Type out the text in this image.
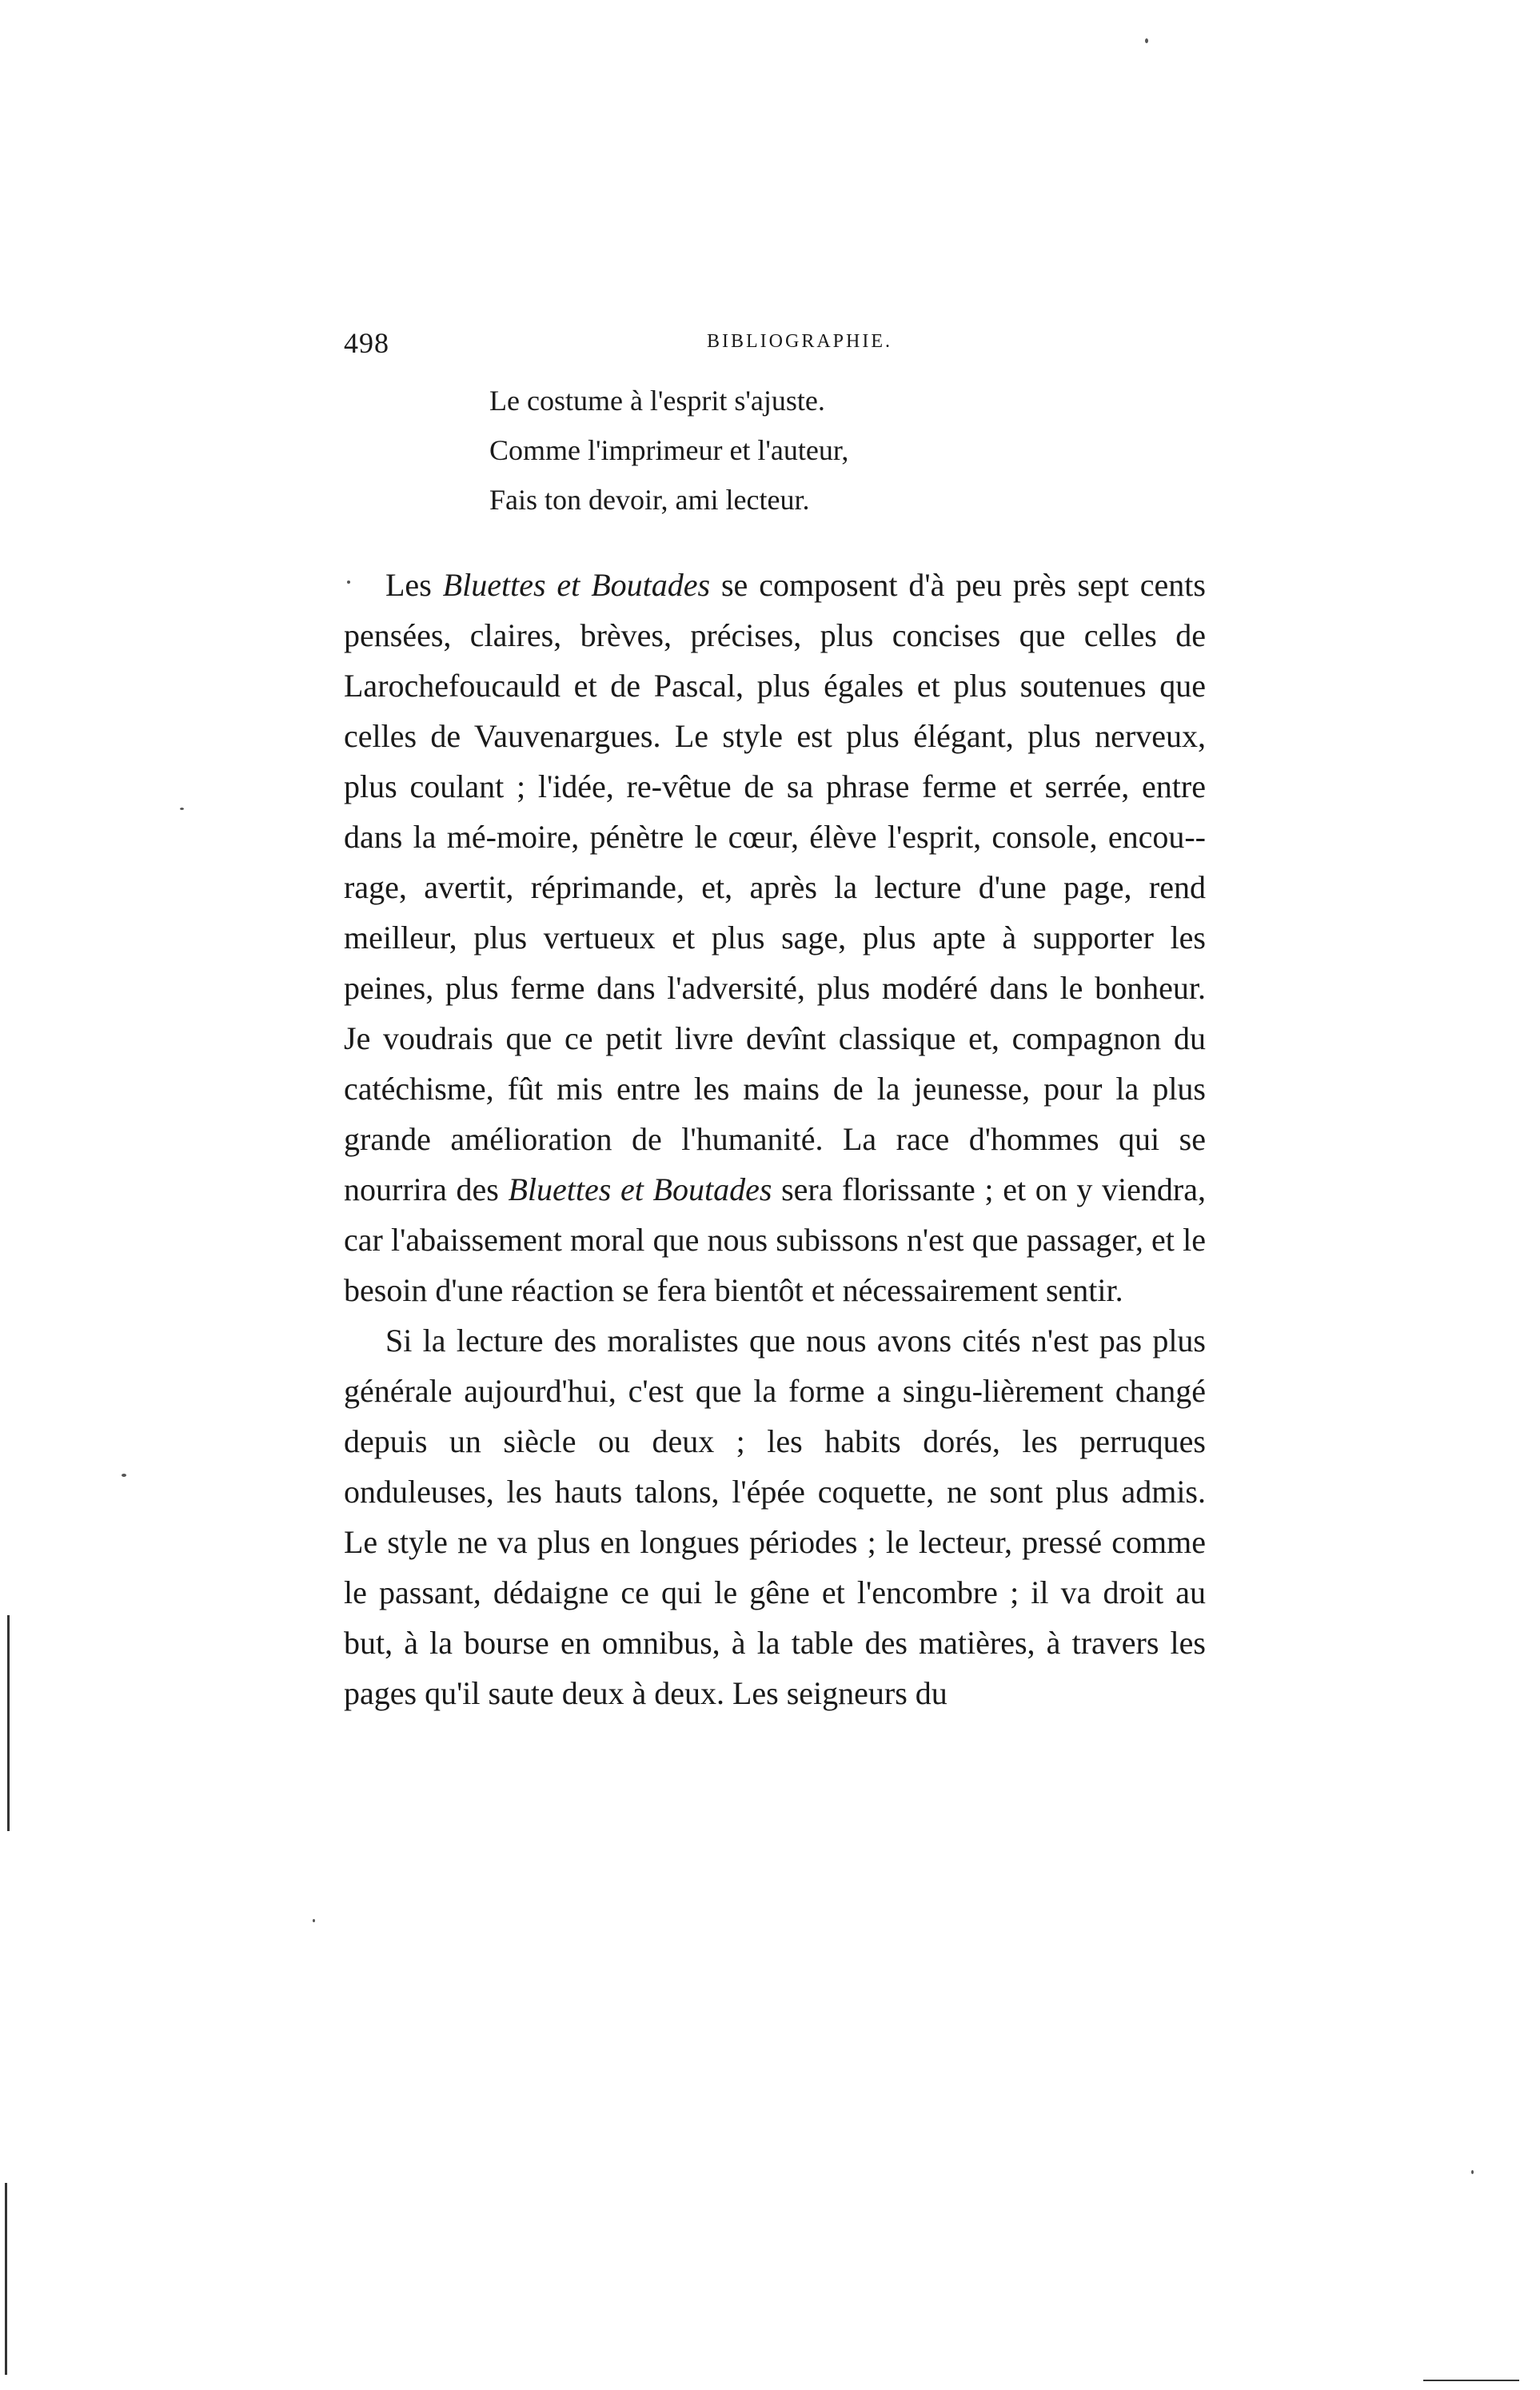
498	BIBLIOGRAPHIE.
Le costume à l'esprit s'ajuste.
Comme l'imprimeur et l'auteur,
Fais ton devoir, ami lecteur.

Les Bluettes et Boutades se composent d'à peu près sept cents pensées, claires, brèves, précises, plus concises que celles de Larochefoucauld et de Pascal, plus égales et plus soutenues que celles de Vauvenargues. Le style est plus élégant, plus nerveux, plus coulant ; l'idée, re-vêtue de sa phrase ferme et serrée, entre dans la mé-moire, pénètre le cœur, élève l'esprit, console, encou-rage, avertit, réprimande, et, après la lecture d'une page, rend meilleur, plus vertueux et plus sage, plus apte à supporter les peines, plus ferme dans l'adversité, plus modéré dans le bonheur. Je voudrais que ce petit livre devînt classique et, compagnon du catéchisme, fût mis entre les mains de la jeunesse, pour la plus grande amélioration de l'humanité. La race d'hommes qui se nourrira des Bluettes et Boutades sera florissante ; et on y viendra, car l'abaissement moral que nous subissons n'est que passager, et le besoin d'une réaction se fera bientôt et nécessairement sentir.

Si la lecture des moralistes que nous avons cités n'est pas plus générale aujourd'hui, c'est que la forme a singu-lièrement changé depuis un siècle ou deux ; les habits dorés, les perruques onduleuses, les hauts talons, l'épée coquette, ne sont plus admis. Le style ne va plus en longues périodes ; le lecteur, pressé comme le passant, dédaigne ce qui le gêne et l'encombre ; il va droit au but, à la bourse en omnibus, à la table des matières, à travers les pages qu'il saute deux à deux. Les seigneurs du
